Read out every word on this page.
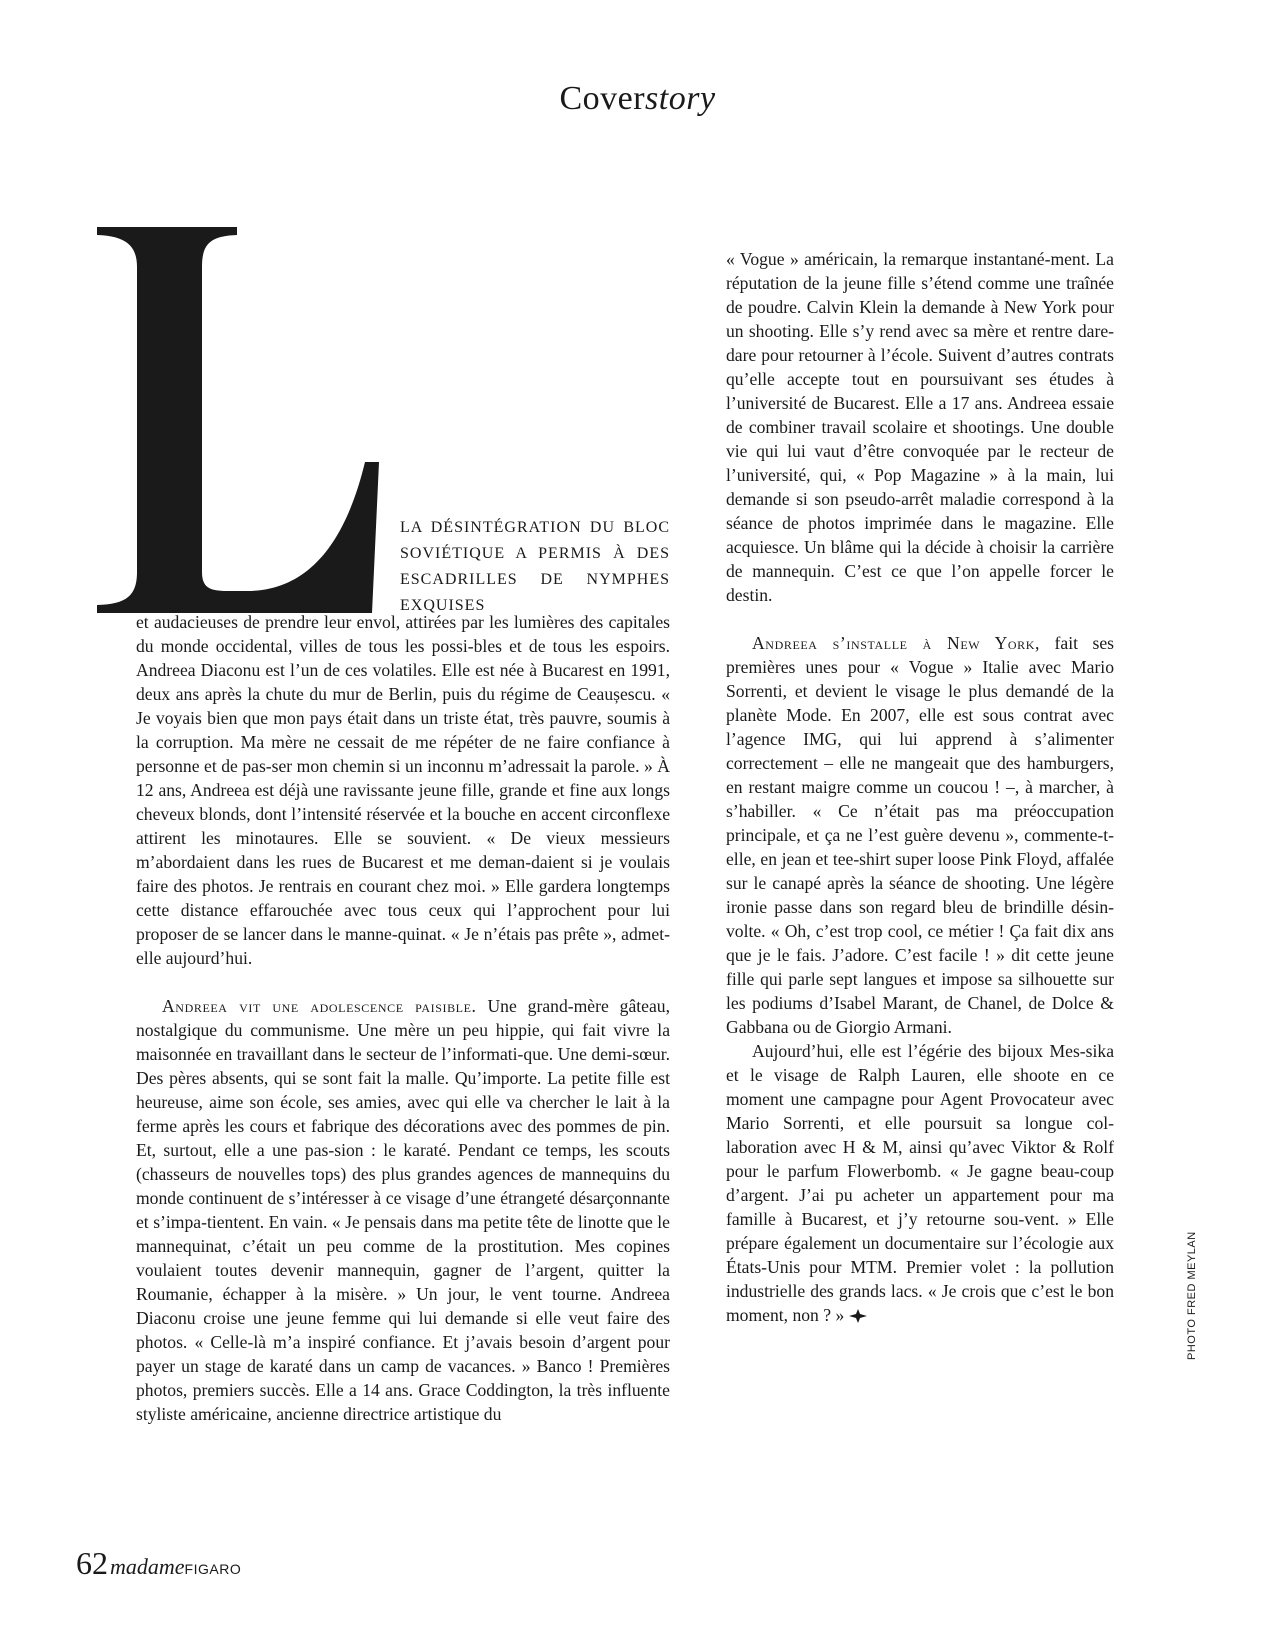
Coverstory

LA DÉSINTÉGRATION DU BLOC SOVIÉTIQUE A PERMIS À DES ESCADRILLES DE NYMPHES EXQUISES

et audacieuses de prendre leur envol, attirées par les lumières des capitales du monde occidental, villes de tous les possi-bles et de tous les espoirs. Andreea Diaconu est l’un de ces volatiles. Elle est née à Bucarest en 1991, deux ans après la chute du mur de Berlin, puis du régime de Ceaușescu. « Je voyais bien que mon pays était dans un triste état, très pauvre, soumis à la corruption. Ma mère ne cessait de me répéter de ne faire confiance à personne et de pas-ser mon chemin si un inconnu m’adressait la parole. » À 12 ans, Andreea est déjà une ravissante jeune fille, grande et fine aux longs cheveux blonds, dont l’intensité réservée et la bouche en accent circonflexe attirent les minotaures. Elle se souvient. « De vieux messieurs m’abordaient dans les rues de Bucarest et me deman-daient si je voulais faire des photos. Je rentrais en courant chez moi. » Elle gardera longtemps cette distance effarouchée avec tous ceux qui l’approchent pour lui proposer de se lancer dans le manne-quinat. « Je n’étais pas prête », admet-elle aujourd’hui.

Andreea vit une adolescence paisible. Une grand-mère gâteau, nostalgique du communisme. Une mère un peu hippie, qui fait vivre la maisonnée en travaillant dans le secteur de l’informati-que. Une demi-sœur. Des pères absents, qui se sont fait la malle. Qu’importe. La petite fille est heureuse, aime son école, ses amies, avec qui elle va chercher le lait à la ferme après les cours et fabrique des décorations avec des pommes de pin. Et, surtout, elle a une pas-sion : le karaté. Pendant ce temps, les scouts (chasseurs de nouvelles tops) des plus grandes agences de mannequins du monde continuent de s’intéresser à ce visage d’une étrangeté désarçonnante et s’impa-tientent. En vain. « Je pensais dans ma petite tête de linotte que le mannequinat, c’était un peu comme de la prostitution. Mes copines voulaient toutes devenir mannequin, gagner de l’argent, quitter la Roumanie, échapper à la misère. » Un jour, le vent tourne. Andreea Diaconu croise une jeune femme qui lui demande si elle veut faire des photos. « Celle-là m’a inspiré confiance. Et j’avais besoin d’argent pour payer un stage de karaté dans un camp de vacances. » Banco ! Premières photos, premiers succès. Elle a 14 ans. Grace Coddington, la très influente styliste américaine, ancienne directrice artistique du

« Vogue » américain, la remarque instantané-ment. La réputation de la jeune fille s’étend comme une traînée de poudre. Calvin Klein la demande à New York pour un shooting. Elle s’y rend avec sa mère et rentre dare-dare pour retourner à l’école. Suivent d’autres contrats qu’elle accepte tout en poursuivant ses études à l’université de Bucarest. Elle a 17 ans. Andreea essaie de combiner travail scolaire et shootings. Une double vie qui lui vaut d’être convoquée par le recteur de l’université, qui, « Pop Magazine » à la main, lui demande si son pseudo-arrêt maladie correspond à la séance de photos imprimée dans le magazine. Elle acquiesce. Un blâme qui la décide à choisir la carrière de mannequin. C’est ce que l’on appelle forcer le destin.

Andreea s’installe à New York, fait ses premières unes pour « Vogue » Italie avec Mario Sorrenti, et devient le visage le plus demandé de la planète Mode. En 2007, elle est sous contrat avec l’agence IMG, qui lui apprend à s’alimenter correctement – elle ne mangeait que des hamburgers, en restant maigre comme un coucou ! –, à marcher, à s’habiller. « Ce n’était pas ma préoccupation principale, et ça ne l’est guère devenu », commente-t-elle, en jean et tee-shirt super loose Pink Floyd, affalée sur le canapé après la séance de shooting. Une légère ironie passe dans son regard bleu de brindille désin-volte. « Oh, c’est trop cool, ce métier ! Ça fait dix ans que je le fais. J’adore. C’est facile ! » dit cette jeune fille qui parle sept langues et impose sa silhouette sur les podiums d’Isabel Marant, de Chanel, de Dolce & Gabbana ou de Giorgio Armani.

Aujourd’hui, elle est l’égérie des bijoux Mes-sika et le visage de Ralph Lauren, elle shoote en ce moment une campagne pour Agent Provocateur avec Mario Sorrenti, et elle poursuit sa longue col-laboration avec H & M, ainsi qu’avec Viktor & Rolf pour le parfum Flowerbomb. « Je gagne beau-coup d’argent. J’ai pu acheter un appartement pour ma famille à Bucarest, et j’y retourne sou-vent. » Elle prépare également un documentaire sur l’écologie aux États-Unis pour MTM. Premier volet : la pollution industrielle des grands lacs. « Je crois que c’est le bon moment, non ? »	PHOTO FRED MEYLAN
62 madame FIGARO
